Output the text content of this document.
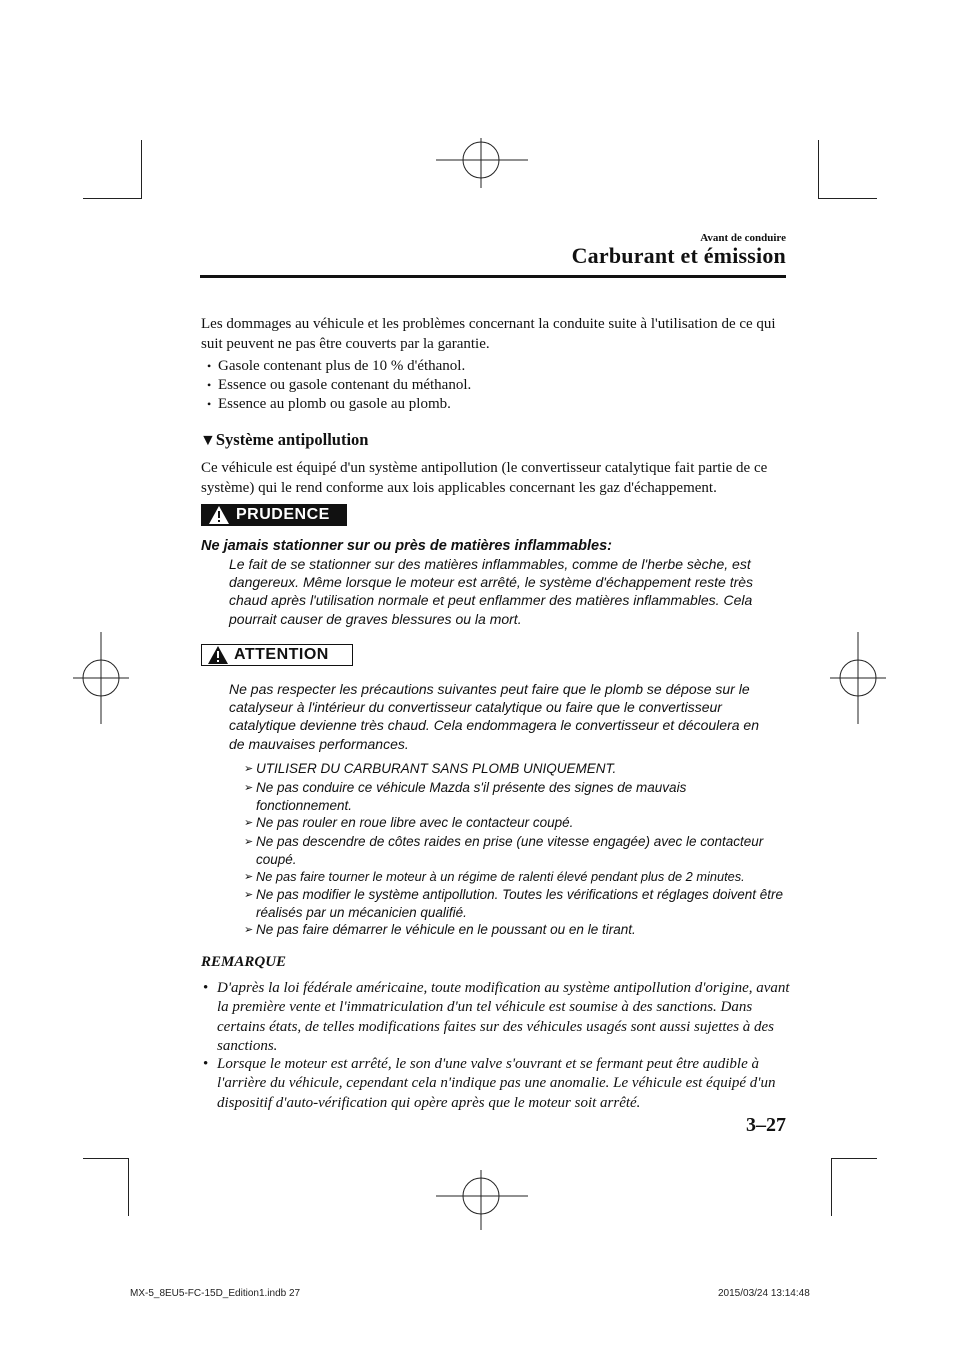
Avant de conduire
Carburant et émission
Les dommages au véhicule et les problèmes concernant la conduite suite à l'utilisation de ce qui suit peuvent ne pas être couverts par la garantie.
• Gasole contenant plus de 10 % d'éthanol.
• Essence ou gasole contenant du méthanol.
• Essence au plomb ou gasole au plomb.
▼Système antipollution
Ce véhicule est équipé d'un système antipollution (le convertisseur catalytique fait partie de ce système) qui le rend conforme aux lois applicables concernant les gaz d'échappement.
PRUDENCE
Ne jamais stationner sur ou près de matières inflammables:
Le fait de se stationner sur des matières inflammables, comme de l'herbe sèche, est dangereux. Même lorsque le moteur est arrêté, le système d'échappement reste très chaud après l'utilisation normale et peut enflammer des matières inflammables. Cela pourrait causer de graves blessures ou la mort.
ATTENTION
Ne pas respecter les précautions suivantes peut faire que le plomb se dépose sur le catalyseur à l'intérieur du convertisseur catalytique ou faire que le convertisseur catalytique devienne très chaud. Cela endommagera le convertisseur et découlera en de mauvaises performances.
➢ UTILISER DU CARBURANT SANS PLOMB UNIQUEMENT.
➢ Ne pas conduire ce véhicule Mazda s'il présente des signes de mauvais fonctionnement.
➢ Ne pas rouler en roue libre avec le contacteur coupé.
➢ Ne pas descendre de côtes raides en prise (une vitesse engagée) avec le contacteur coupé.
➢ Ne pas faire tourner le moteur à un régime de ralenti élevé pendant plus de 2 minutes.
➢ Ne pas modifier le système antipollution. Toutes les vérifications et réglages doivent être réalisés par un mécanicien qualifié.
➢ Ne pas faire démarrer le véhicule en le poussant ou en le tirant.
REMARQUE
• D'après la loi fédérale américaine, toute modification au système antipollution d'origine, avant la première vente et l'immatriculation d'un tel véhicule est soumise à des sanctions. Dans certains états, de telles modifications faites sur des véhicules usagés sont aussi sujettes à des sanctions.
• Lorsque le moteur est arrêté, le son d'une valve s'ouvrant et se fermant peut être audible à l'arrière du véhicule, cependant cela n'indique pas une anomalie. Le véhicule est équipé d'un dispositif d'auto-vérification qui opère après que le moteur soit arrêté.
3–27
MX-5_8EU5-FC-15D_Edition1.indb 27	2015/03/24 13:14:48
